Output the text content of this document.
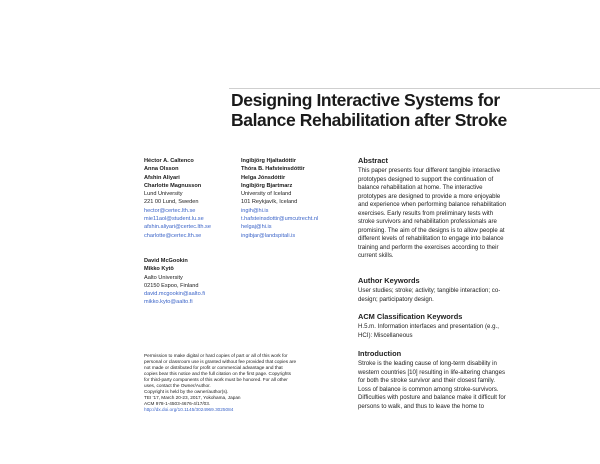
Designing Interactive Systems for
Balance Rehabilitation after Stroke
Héctor A. Caltenco
Anna Olsson
Afshin Aliyari
Charlotte Magnusson
Lund University
221 00 Lund, Sweden
hector@certec.lth.se
mie11aol@student.lu.se
afshin.aliyari@certec.lth.se
charlotte@certec.lth.se
Ingibjörg Hjaltadóttir
Thóra B. Hafsteinsdóttir
Helga Jónsdóttir
Ingibjörg Bjartmarz
University of Iceland
101 Reykjavík, Iceland
ingih@hi.is
t.hafsteinsdottir@umcutrecht.nl
helgaj@hi.is
ingibjar@landspitali.is
David McGookin
Mikko Kytö
Aalto University
02150 Espoo, Finland
david.mcgookin@aalto.fi
mikko.kyto@aalto.fi
Permission to make digital or hard copies of part or all of this work for
personal or classroom use is granted without fee provided that copies are
not made or distributed for profit or commercial advantage and that
copies bear this notice and the full citation on the first page. Copyrights
for third-party components of this work must be honored. For all other
uses, contact the Owner/Author.
Copyright is held by the owner/author(s).
TEI '17, March 20-23, 2017, Yokohama, Japan
ACM 978-1-4503-4676-4/17/03.
http://dx.doi.org/10.1145/3024969.3025084
Abstract
This paper presents four different tangible interactive
prototypes designed to support the continuation of
balance rehabilitation at home. The interactive
prototypes are designed to provide a more enjoyable
and experience when performing balance rehabilitation
exercises. Early results from preliminary tests with
stroke survivors and rehabilitation professionals are
promising. The aim of the designs is to allow people at
different levels of rehabilitation to engage into balance
training and perform the exercises according to their
current skills.
Author Keywords
User studies; stroke; activity; tangible interaction; co-
design; participatory design.
ACM Classification Keywords
H.5.m. Information interfaces and presentation (e.g.,
HCI): Miscellaneous
Introduction
Stroke is the leading cause of long-term disability in
western countries [10] resulting in life-altering changes
for both the stroke survivor and their closest family.
Loss of balance is common among stroke-survivors.
Difficulties with posture and balance make it difficult for
persons to walk, and thus to leave the home to
